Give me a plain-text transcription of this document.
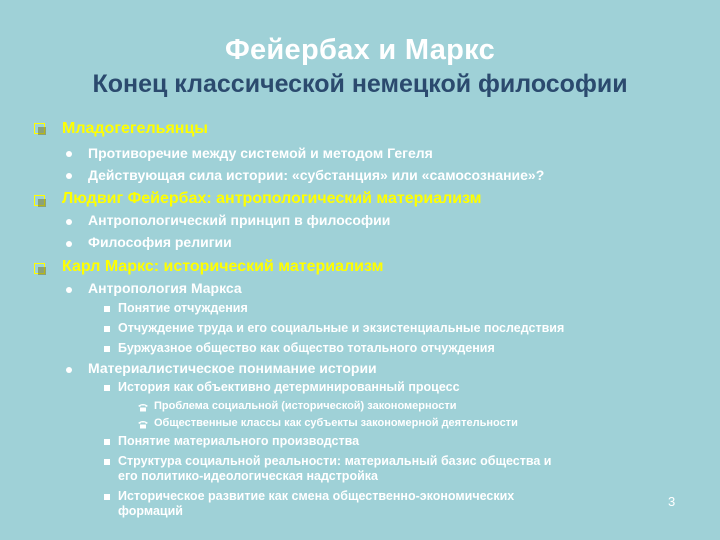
Фейербах и Маркс
Конец классической немецкой философии
Младогегельянцы
Противоречие между системой и методом Гегеля
Действующая сила истории: «субстанция» или «самосознание»?
Людвиг Фейербах: антропологический материализм
Антропологический принцип в философии
Философия религии
Карл Маркс: исторический материализм
Антропология Маркса
Понятие отчуждения
Отчуждение труда и его социальные и экзистенциальные последствия
Буржуазное общество как общество тотального отчуждения
Материалистическое понимание истории
История как объективно детерминированный процесс
Проблема социальной (исторической) закономерности
Общественные классы как субъекты закономерной деятельности
Понятие материального производства
Структура социальной реальности: материальный базис общества и
его политико-идеологическая надстройка
Историческое развитие как смена общественно-экономических
формаций
3
